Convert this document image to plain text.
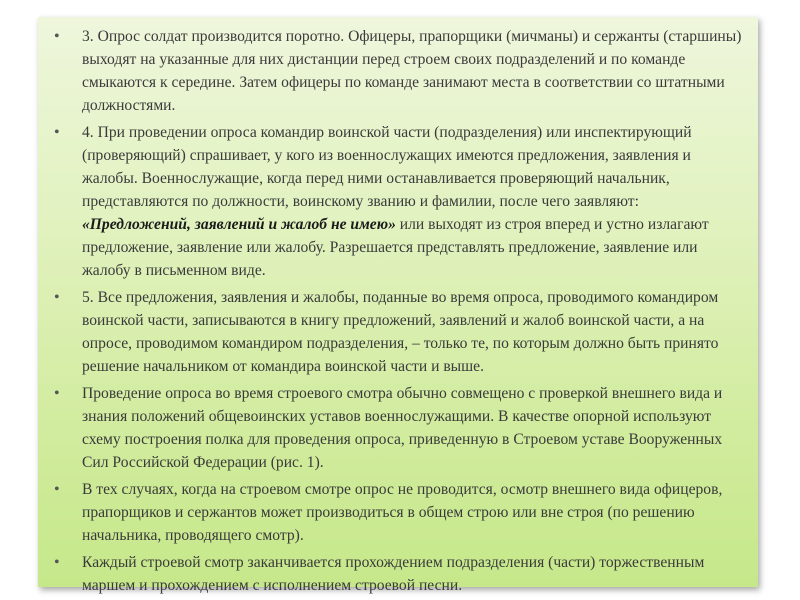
• 3. Опрос солдат производится поротно. Офицеры, прапорщики (мичманы) и сержанты (старшины) выходят на указанные для них дистанции перед строем своих подразделений и по команде смыкаются к середине. Затем офицеры по команде занимают места в соответствии со штатными должностями.
• 4. При проведении опроса командир воинской части (подразделения) или инспектирующий (проверяющий) спрашивает, у кого из военнослужащих имеются предложения, заявления и жалобы. Военнослужащие, когда перед ними останавливается проверяющий начальник, представляются по должности, воинскому званию и фамилии, после чего заявляют: «Предложений, заявлений и жалоб не имею» или выходят из строя вперед и устно излагают предложение, заявление или жалобу. Разрешается представлять предложение, заявление или жалобу в письменном виде.
• 5. Все предложения, заявления и жалобы, поданные во время опроса, проводимого командиром воинской части, записываются в книгу предложений, заявлений и жалоб воинской части, а на опросе, проводимом командиром подразделения, – только те, по которым должно быть принято решение начальником от командира воинской части и выше.
• Проведение опроса во время строевого смотра обычно совмещено с проверкой внешнего вида и знания положений общевоинских уставов военнослужащими. В качестве опорной используют схему построения полка для проведения опроса, приведенную в Строевом уставе Вооруженных Сил Российской Федерации (рис. 1).
• В тех случаях, когда на строевом смотре опрос не проводится, осмотр внешнего вида офицеров, прапорщиков и сержантов может производиться в общем строю или вне строя (по решению начальника, проводящего смотр).
• Каждый строевой смотр заканчивается прохождением подразделения (части) торжественным маршем и прохождением с исполнением строевой песни.
